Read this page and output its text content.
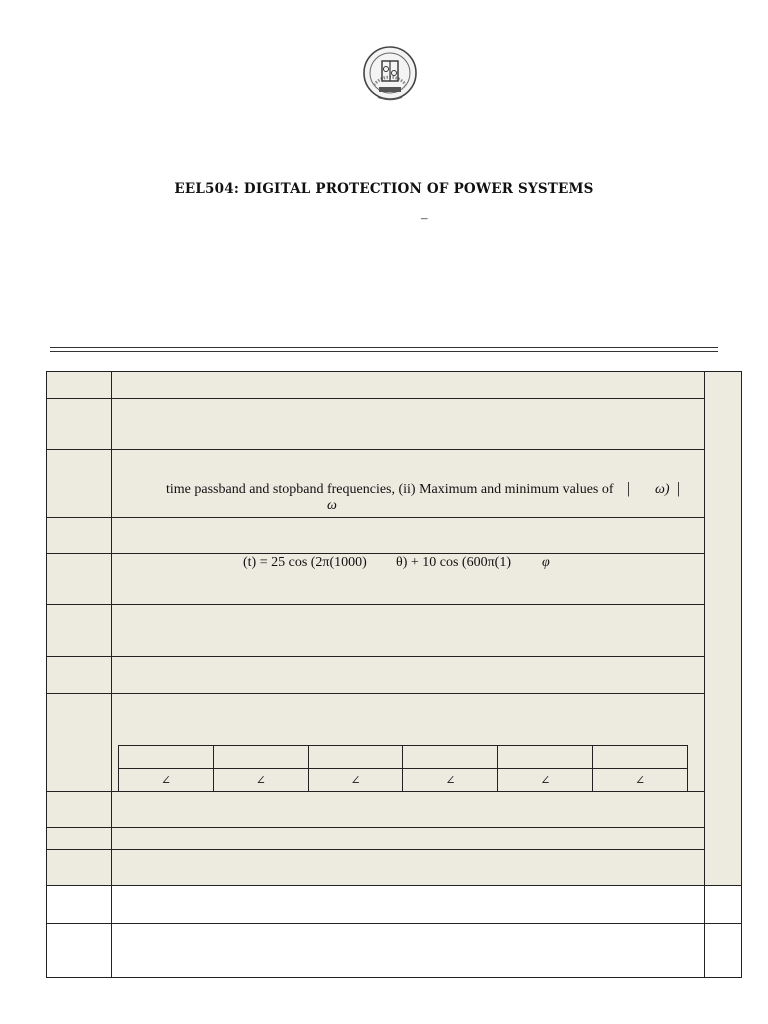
EEL504: DIGITAL PROTECTION OF POWER SYSTEMS
–

time passband and stopband frequencies, (ii) Maximum and minimum values of | ω) |
ω

(t) = 25 cos (2π(1000) θ) + 10 cos (600π(1) φ

∠	∠	∠	∠	∠	∠
